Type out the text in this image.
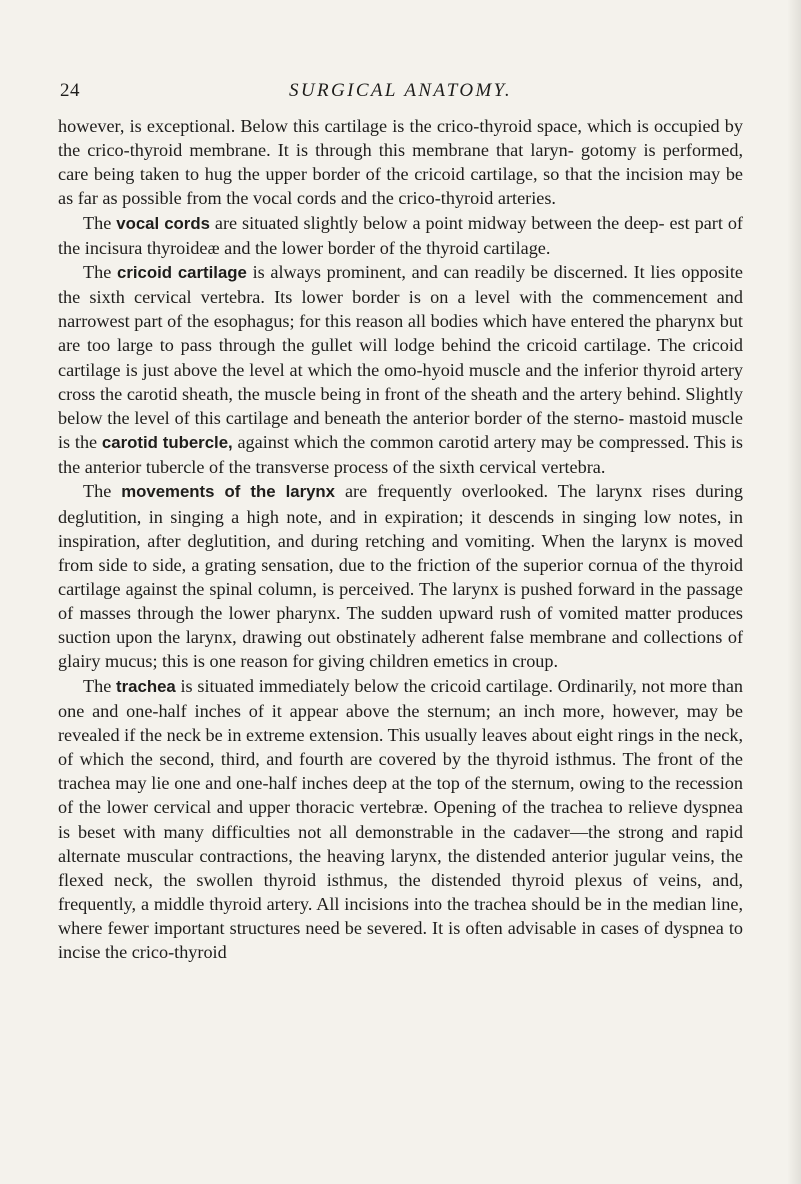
24	SURGICAL ANATOMY.

however, is exceptional. Below this cartilage is the crico-thyroid space, which is occupied by the crico-thyroid membrane. It is through this membrane that laryn- gotomy is performed, care being taken to hug the upper border of the cricoid cartilage, so that the incision may be as far as possible from the vocal cords and the crico-thyroid arteries.

The vocal cords are situated slightly below a point midway between the deep- est part of the incisura thyroideæ and the lower border of the thyroid cartilage.

The cricoid cartilage is always prominent, and can readily be discerned. It lies opposite the sixth cervical vertebra. Its lower border is on a level with the commencement and narrowest part of the esophagus; for this reason all bodies which have entered the pharynx but are too large to pass through the gullet will lodge behind the cricoid cartilage. The cricoid cartilage is just above the level at which the omo-hyoid muscle and the inferior thyroid artery cross the carotid sheath, the muscle being in front of the sheath and the artery behind. Slightly below the level of this cartilage and beneath the anterior border of the sterno- mastoid muscle is the carotid tubercle, against which the common carotid artery may be compressed. This is the anterior tubercle of the transverse process of the sixth cervical vertebra.

The movements of the larynx are frequently overlooked. The larynx rises during deglutition, in singing a high note, and in expiration; it descends in singing low notes, in inspiration, after deglutition, and during retching and vomiting. When the larynx is moved from side to side, a grating sensation, due to the friction of the superior cornua of the thyroid cartilage against the spinal column, is perceived. The larynx is pushed forward in the passage of masses through the lower pharynx. The sudden upward rush of vomited matter produces suction upon the larynx, drawing out obstinately adherent false membrane and collections of glairy mucus; this is one reason for giving children emetics in croup.

The trachea is situated immediately below the cricoid cartilage. Ordinarily, not more than one and one-half inches of it appear above the sternum; an inch more, however, may be revealed if the neck be in extreme extension. This usually leaves about eight rings in the neck, of which the second, third, and fourth are covered by the thyroid isthmus. The front of the trachea may lie one and one-half inches deep at the top of the sternum, owing to the recession of the lower cervical and upper thoracic vertebræ. Opening of the trachea to relieve dyspnea is beset with many difficulties not all demonstrable in the cadaver—the strong and rapid alternate muscular contractions, the heaving larynx, the distended anterior jugular veins, the flexed neck, the swollen thyroid isthmus, the distended thyroid plexus of veins, and, frequently, a middle thyroid artery. All incisions into the trachea should be in the median line, where fewer important structures need be severed. It is often advisable in cases of dyspnea to incise the crico-thyroid
